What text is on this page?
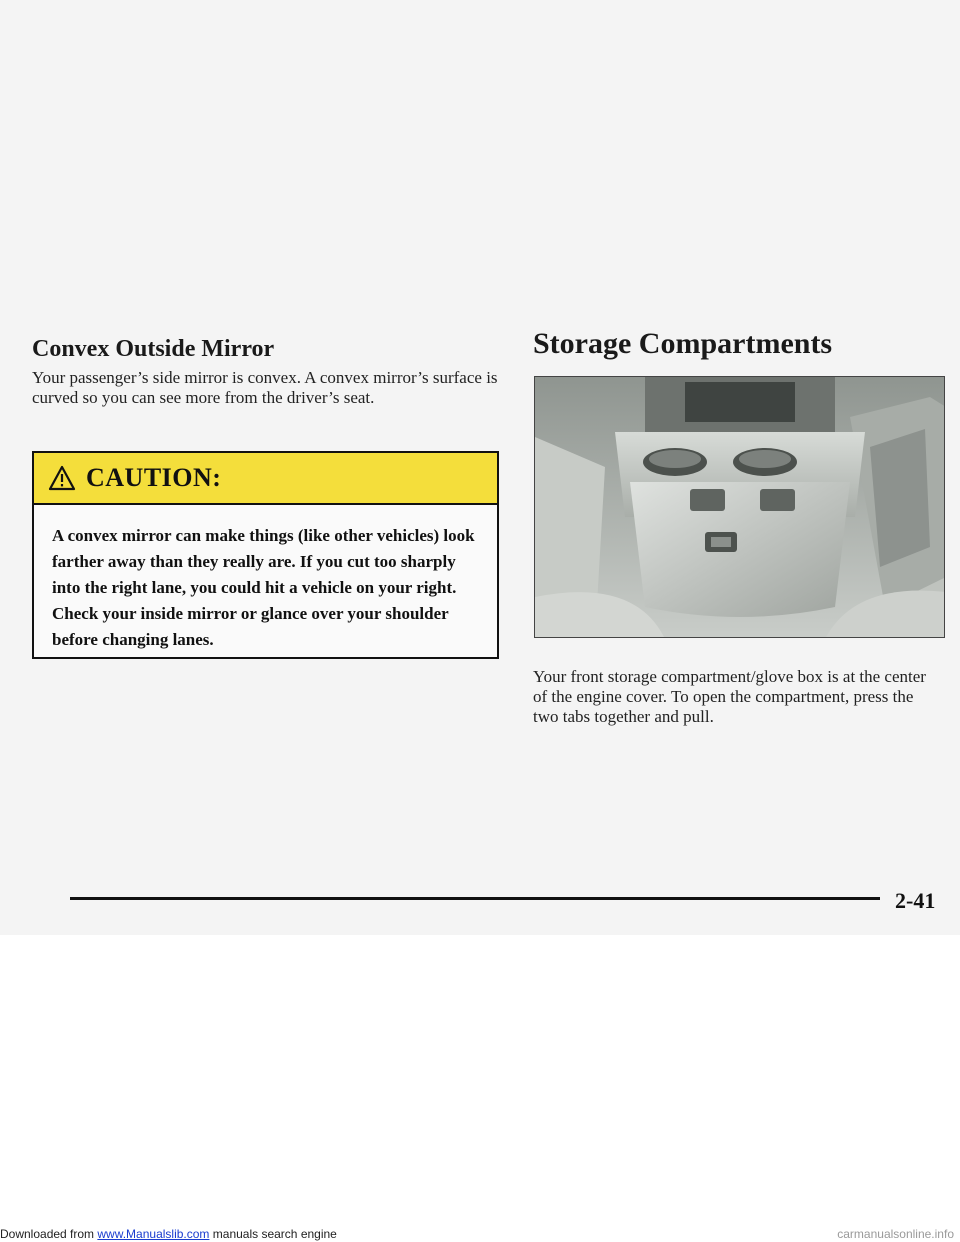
Convex Outside Mirror

Your passenger’s side mirror is convex. A convex mirror’s surface is curved so you can see more from the driver’s seat.

CAUTION:

A convex mirror can make things (like other vehicles) look farther away than they really are. If you cut too sharply into the right lane, you could hit a vehicle on your right. Check your inside mirror or glance over your shoulder before changing lanes.

Storage Compartments

Your front storage compartment/glove box is at the center of the engine cover. To open the compartment, press the two tabs together and pull.

2-41

Downloaded from www.Manualslib.com manuals search engine	carmanualsonline.info
